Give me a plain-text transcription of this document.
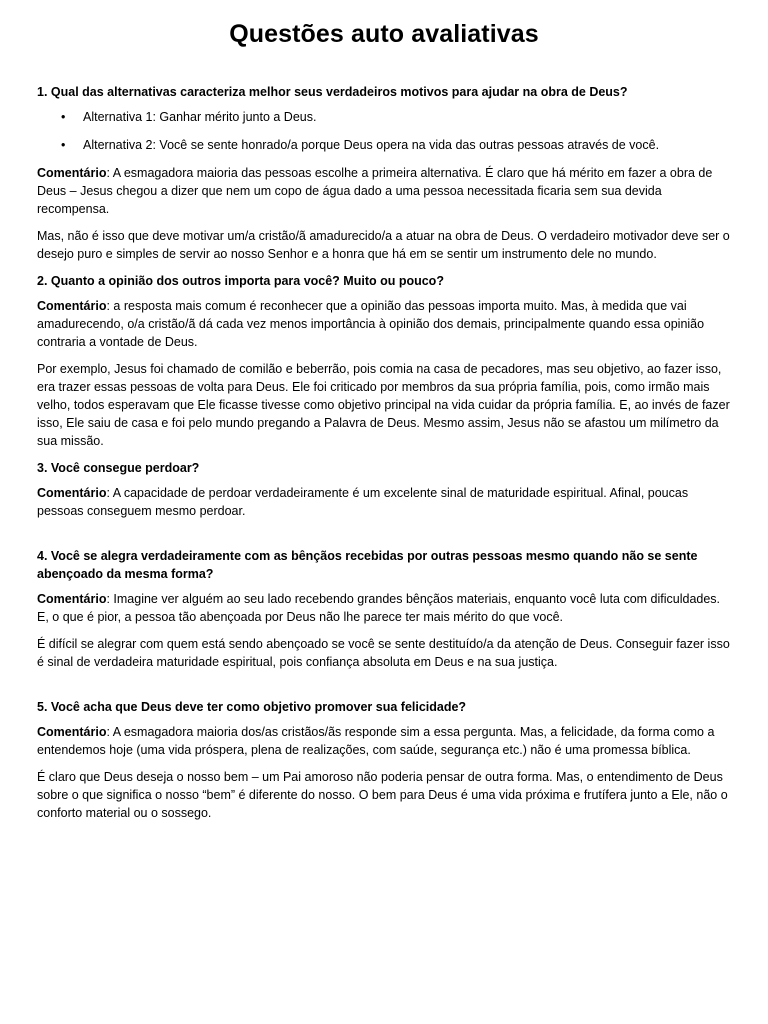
Questões auto avaliativas
1. Qual das alternativas caracteriza melhor seus verdadeiros motivos para ajudar na obra de Deus?
• Alternativa 1: Ganhar mérito junto a Deus.
• Alternativa 2: Você se sente honrado/a porque Deus opera na vida das outras pessoas através de você.

Comentário: A esmagadora maioria das pessoas escolhe a primeira alternativa. É claro que há mérito em fazer a obra de Deus – Jesus chegou a dizer que nem um copo de água dado a uma pessoa necessitada ficaria sem sua devida recompensa.

Mas, não é isso que deve motivar um/a cristão/ã amadurecido/a a atuar na obra de Deus. O verdadeiro motivador deve ser o desejo puro e simples de servir ao nosso Senhor e a honra que há em se sentir um instrumento dele no mundo.

2. Quanto a opinião dos outros importa para você? Muito ou pouco?

Comentário: a resposta mais comum é reconhecer que a opinião das pessoas importa muito. Mas, à medida que vai amadurecendo, o/a cristão/ã dá cada vez menos importância à opinião dos demais, principalmente quando essa opinião contraria a vontade de Deus.

Por exemplo, Jesus foi chamado de comilão e beberrão, pois comia na casa de pecadores, mas seu objetivo, ao fazer isso, era trazer essas pessoas de volta para Deus. Ele foi criticado por membros da sua própria família, pois, como irmão mais velho, todos esperavam que Ele ficasse tivesse como objetivo principal na vida cuidar da própria família. E, ao invés de fazer isso, Ele saiu de casa e foi pelo mundo pregando a Palavra de Deus. Mesmo assim, Jesus não se afastou um milímetro da sua missão.

3. Você consegue perdoar?

Comentário: A capacidade de perdoar verdadeiramente é um excelente sinal de maturidade espiritual. Afinal, poucas pessoas conseguem mesmo perdoar.

4. Você se alegra verdadeiramente com as bênçãos recebidas por outras pessoas mesmo quando não se sente abençoado da mesma forma?

Comentário: Imagine ver alguém ao seu lado recebendo grandes bênçãos materiais, enquanto você luta com dificuldades. E, o que é pior, a pessoa tão abençoada por Deus não lhe parece ter mais mérito do que você.

É difícil se alegrar com quem está sendo abençoado se você se sente destituído/a da atenção de Deus. Conseguir fazer isso é sinal de verdadeira maturidade espiritual, pois confiança absoluta em Deus e na sua justiça.

5. Você acha que Deus deve ter como objetivo promover sua felicidade?

Comentário: A esmagadora maioria dos/as cristãos/ãs responde sim a essa pergunta. Mas, a felicidade, da forma como a entendemos hoje (uma vida próspera, plena de realizações, com saúde, segurança etc.) não é uma promessa bíblica.

É claro que Deus deseja o nosso bem – um Pai amoroso não poderia pensar de outra forma. Mas, o entendimento de Deus sobre o que significa o nosso “bem” é diferente do nosso. O bem para Deus é uma vida próxima e frutífera junto a Ele, não o conforto material ou o sossego.
